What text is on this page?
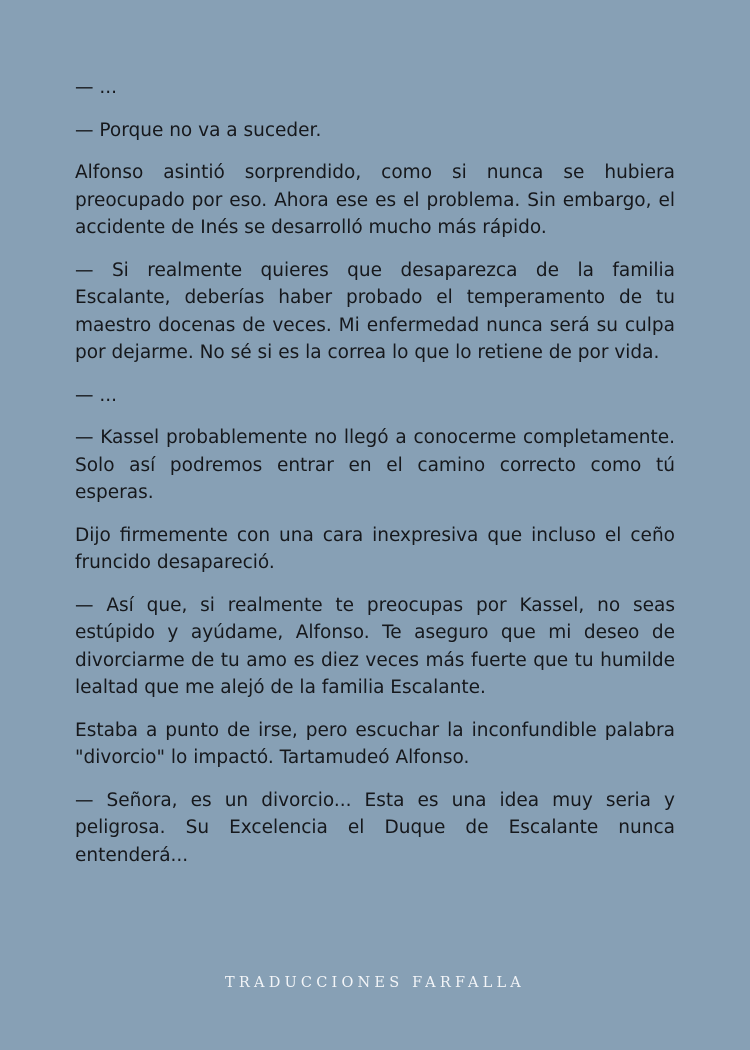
— ...

— Porque no va a suceder.

Alfonso asintió sorprendido, como si nunca se hubiera preocupado por eso. Ahora ese es el problema. Sin embargo, el accidente de Inés se desarrolló mucho más rápido.

— Si realmente quieres que desaparezca de la familia Escalante, deberías haber probado el temperamento de tu maestro docenas de veces. Mi enfermedad nunca será su culpa por dejarme. No sé si es la correa lo que lo retiene de por vida.

— ...

— Kassel probablemente no llegó a conocerme completamente. Solo así podremos entrar en el camino correcto como tú esperas.

Dijo firmemente con una cara inexpresiva que incluso el ceño fruncido desapareció.

— Así que, si realmente te preocupas por Kassel, no seas estúpido y ayúdame, Alfonso. Te aseguro que mi deseo de divorciarme de tu amo es diez veces más fuerte que tu humilde lealtad que me alejó de la familia Escalante.

Estaba a punto de irse, pero escuchar la inconfundible palabra "divorcio" lo impactó. Tartamudeó Alfonso.

— Señora, es un divorcio... Esta es una idea muy seria y peligrosa. Su Excelencia el Duque de Escalante nunca entenderá...

TRADUCCIONES FARFALLA
